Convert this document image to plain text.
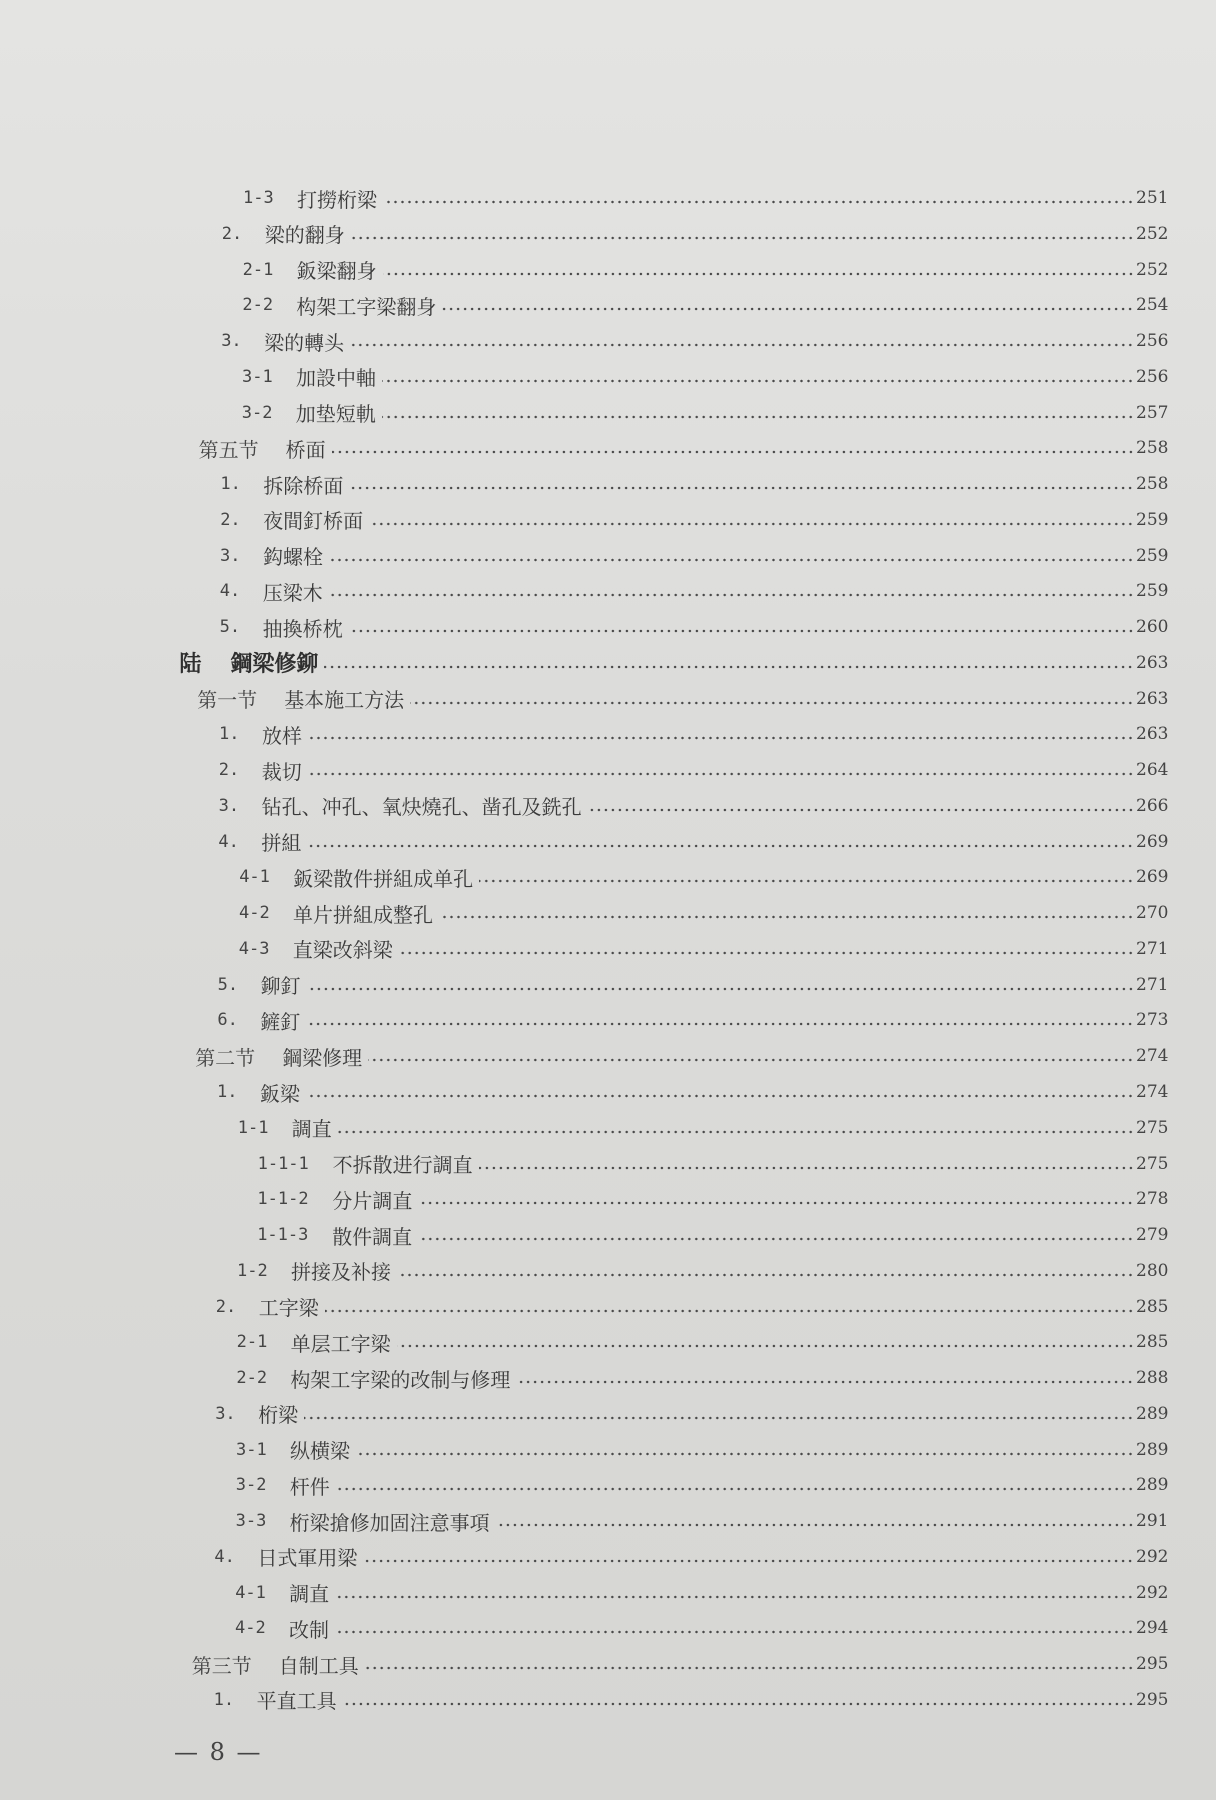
1-3	打撈桁梁	251
2.	梁的翻身	252
2-1	鈑梁翻身	252
2-2	构架工字梁翻身	254
3.	梁的轉头	256
3-1	加設中軸	256
3-2	加垫短軌	257
第五节	桥面	258
1.	拆除桥面	258
2.	夜間釘桥面	259
3.	鈎螺栓	259
4.	压梁木	259
5.	抽換桥枕	260
陆	鋼梁修鉚	263
第一节	基本施工方法	263
1.	放样	263
2.	裁切	264
3.	钻孔、冲孔、氧炔燒孔、凿孔及銑孔	266
4.	拼組	269
4-1	鈑梁散件拼組成单孔	269
4-2	单片拼組成整孔	270
4-3	直梁改斜梁	271
5.	鉚釘	271
6.	鏟釘	273
第二节	鋼梁修理	274
1.	鈑梁	274
1-1	調直	275
1-1-1	不拆散进行調直	275
1-1-2	分片調直	278
1-1-3	散件調直	279
1-2	拼接及补接	280
2.	工字梁	285
2-1	单层工字梁	285
2-2	构架工字梁的改制与修理	288
3.	桁梁	289
3-1	纵横梁	289
3-2	杆件	289
3-3	桁梁搶修加固注意事項	291
4.	日式軍用梁	292
4-1	調直	292
4-2	改制	294
第三节	自制工具	295
1.	平直工具	295
— 8 —
